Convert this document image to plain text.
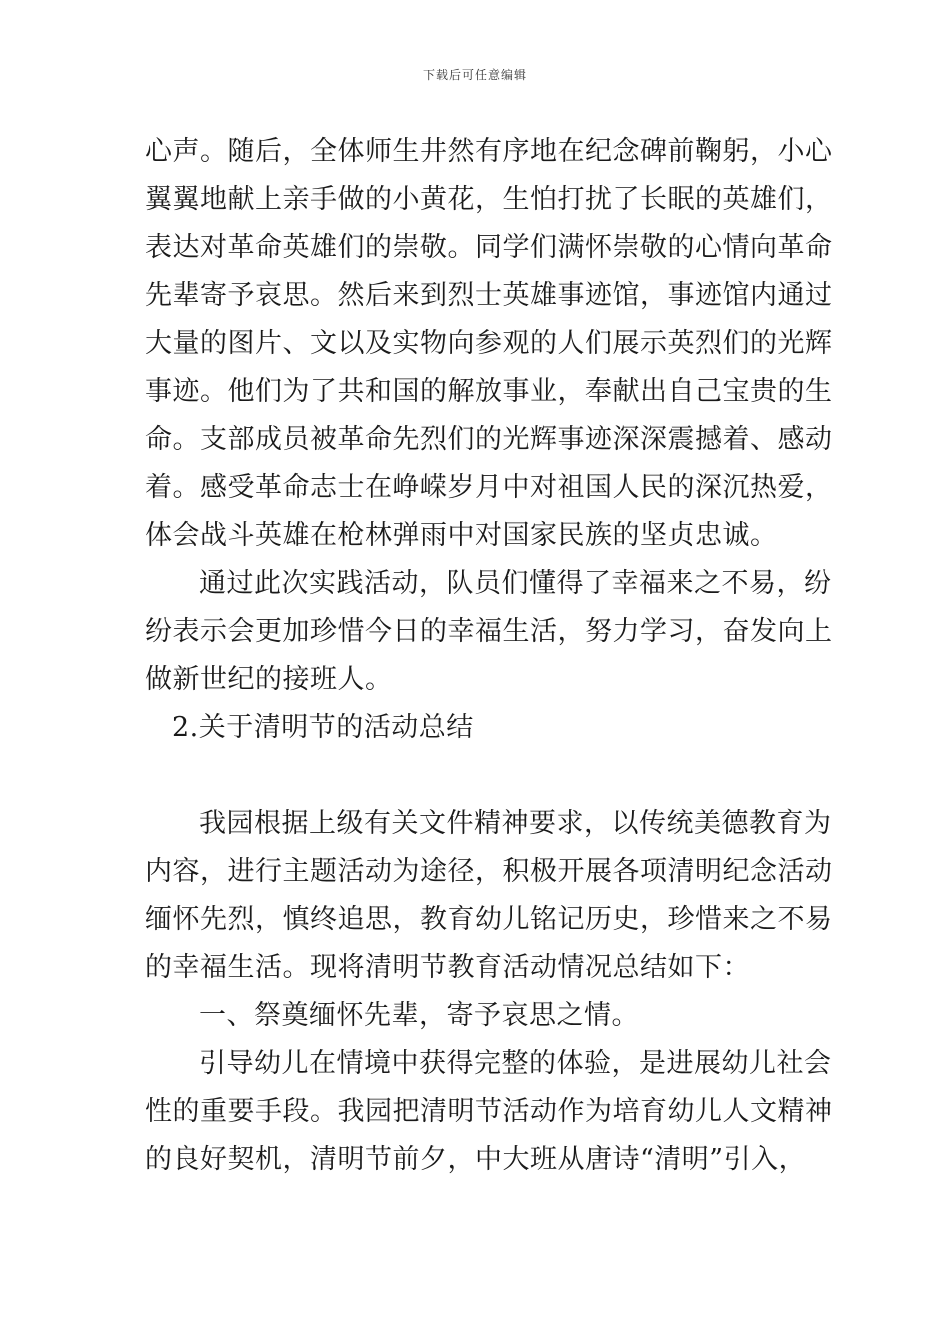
下载后可任意编辑
心声。随后，全体师生井然有序地在纪念碑前鞠躬，小心
翼翼地献上亲手做的小黄花，生怕打扰了长眠的英雄们，
表达对革命英雄们的崇敬。同学们满怀崇敬的心情向革命
先辈寄予哀思。然后来到烈士英雄事迹馆，事迹馆内通过
大量的图片、文以及实物向参观的人们展示英烈们的光辉
事迹。他们为了共和国的解放事业，奉献出自己宝贵的生
命。支部成员被革命先烈们的光辉事迹深深震撼着、感动
着。感受革命志士在峥嵘岁月中对祖国人民的深沉热爱，
体会战斗英雄在枪林弹雨中对国家民族的坚贞忠诚。
通过此次实践活动，队员们懂得了幸福来之不易，纷
纷表示会更加珍惜今日的幸福生活，努力学习，奋发向上
做新世纪的接班人。
2.关于清明节的活动总结
我园根据上级有关文件精神要求，以传统美德教育为
内容，进行主题活动为途径，积极开展各项清明纪念活动
缅怀先烈，慎终追思，教育幼儿铭记历史，珍惜来之不易
的幸福生活。现将清明节教育活动情况总结如下：
一、祭奠缅怀先辈，寄予哀思之情。
引导幼儿在情境中获得完整的体验，是进展幼儿社会
性的重要手段。我园把清明节活动作为培育幼儿人文精神
的良好契机，清明节前夕，中大班从唐诗“清明”引入，
